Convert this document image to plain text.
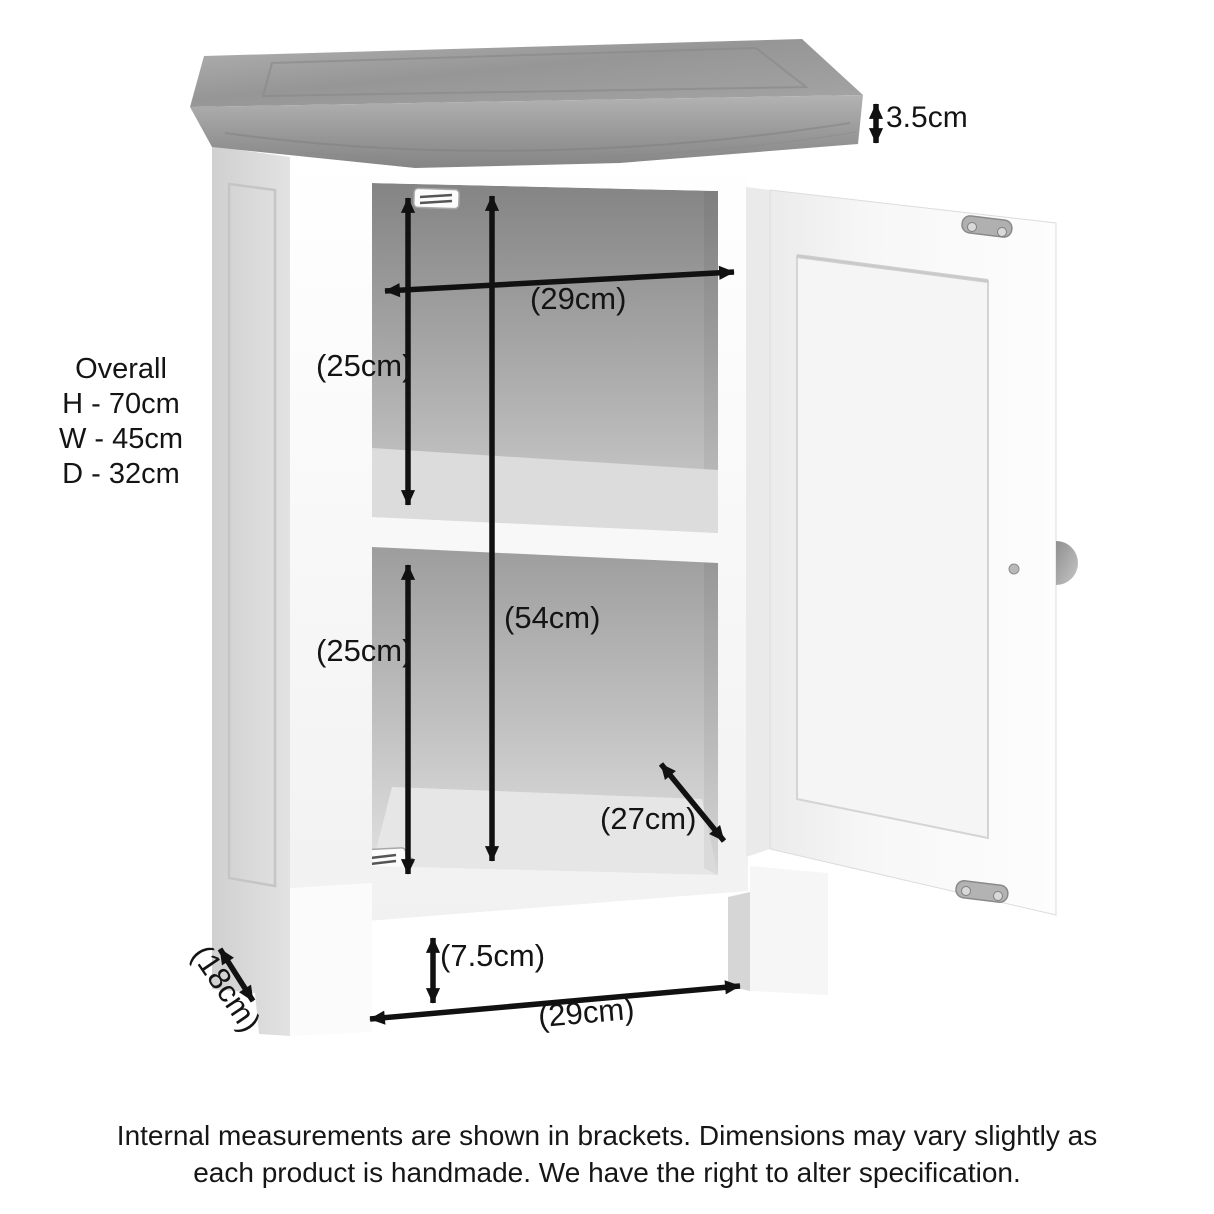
Overall
H - 70cm
W - 45cm
D - 32cm
3.5cm
(29cm)
(25cm)
(54cm)
(25cm)
(27cm)
(7.5cm)
(29cm)
(18cm)
Internal measurements are shown in brackets. Dimensions may vary slightly as each product is handmade. We have the right to alter specification.
